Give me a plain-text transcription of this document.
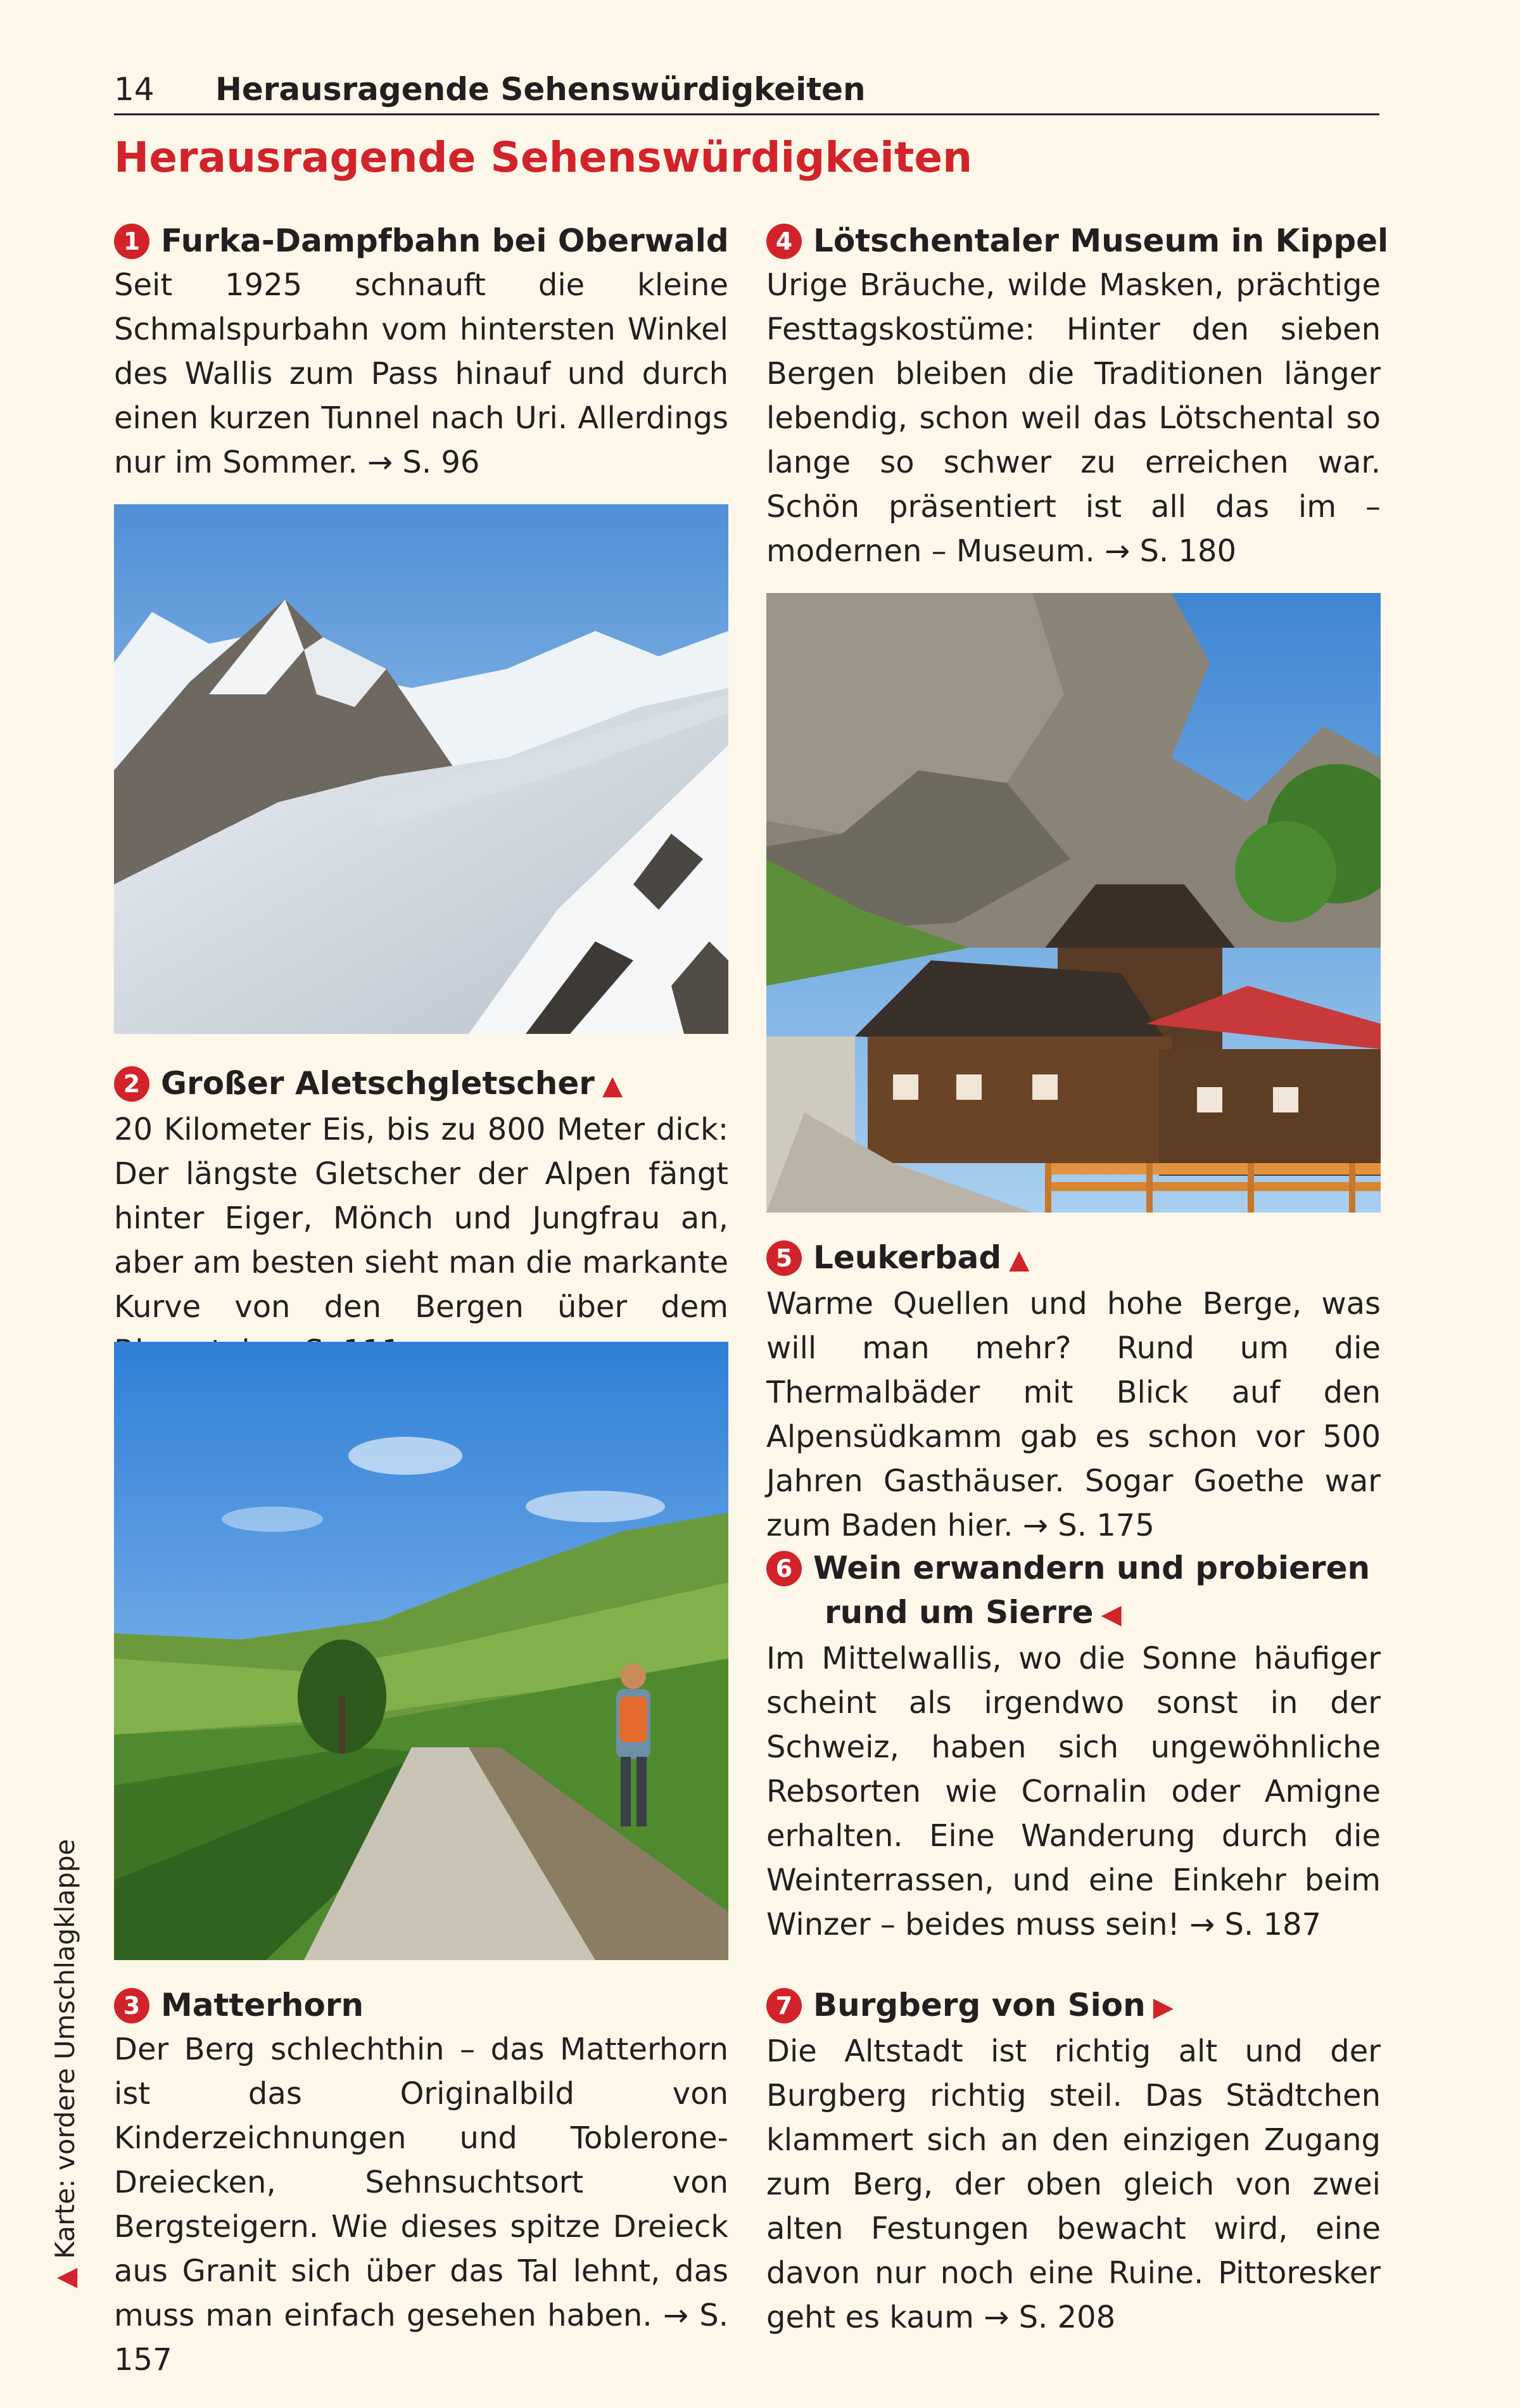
14 Herausragende Sehenswürdigkeiten
Herausragende Sehenswürdigkeiten
1 Furka-Dampfbahn bei Oberwald
Seit 1925 schnauft die kleine Schmalspurbahn vom hintersten Winkel des Wallis zum Pass hinauf und durch einen kurzen Tunnel nach Uri. Allerdings nur im Sommer. → S. 96
2 Großer Aletschgletscher ▲
20 Kilometer Eis, bis zu 800 Meter dick: Der längste Gletscher der Alpen fängt hinter Eiger, Mönch und Jungfrau an, aber am besten sieht man die markante Kurve von den Bergen über dem
3 Matterhorn
Der Berg schlechthin – das Matterhorn ist das Originalbild von Kinderzeichnungen und Toblerone-Dreiecken, Sehnsuchtsort von Bergsteigern. Wie dieses spitze Dreieck aus Granit sich über das Tal lehnt, das muss man einfach gesehen haben. → S. 157
4 Lötschentaler Museum in Kippel
Urige Bräuche, wilde Masken, prächtige Festtagskostüme: Hinter den sieben Bergen bleiben die Traditionen länger lebendig, schon weil das Lötschental so lange so schwer zu erreichen war. Schön präsentiert ist all das im – modernen – Museum. → S. 180
5 Leukerbad ▲
Warme Quellen und hohe Berge, was will man mehr? Rund um die Thermalbäder mit Blick auf den Alpensüdkamm gab es schon vor 500 Jahren Gasthäuser. Sogar Goethe war zum Baden hier. → S. 175
6 Wein erwandern und probieren
rund um Sierre ◀
Im Mittelwallis, wo die Sonne häufiger scheint als irgendwo sonst in der Schweiz, haben sich ungewöhnliche Rebsorten wie Cornalin oder Amigne erhalten. Eine Wanderung durch die Weinterrassen, und eine Einkehr beim Winzer – beides muss sein! → S. 187
7 Burgberg von Sion ▶
Die Altstadt ist richtig alt und der Burgberg richtig steil. Das Städtchen klammert sich an den einzigen Zugang zum Berg, der oben gleich von zwei alten Festungen bewacht wird, eine davon nur noch eine Ruine. Pittoresker geht es kaum → S. 208
▲Karte: vordere Umschlagklappe
